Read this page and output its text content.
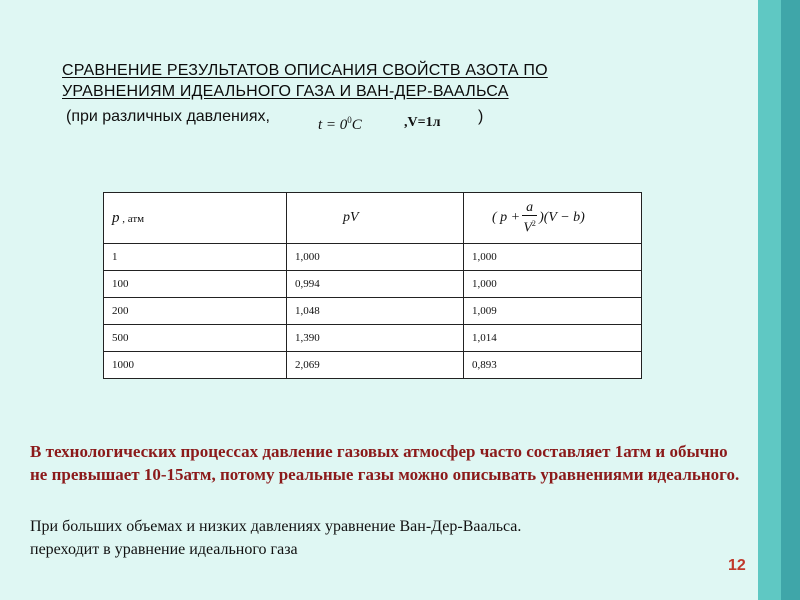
СРАВНЕНИЕ РЕЗУЛЬТАТОВ ОПИСАНИЯ СВОЙСТВ АЗОТА ПО
УРАВНЕНИЯМ ИДЕАЛЬНОГО ГАЗА И ВАН-ДЕР-ВААЛЬСА
(при различных давлениях,	$t = 0^0C$	,V=1л )
p , атм	pV	( $p + \frac{a}{V^2} )(V - b)$

1	1,000	1,000
100	0,994	1,000
200	1,048	1,009
500	1,390	1,014
1000	2,069	0,893
В технологических процессах давление газовых атмосфер часто составляет 1атм и обычно не превышает 10-15атм, потому реальные газы можно описывать уравнениями идеального.
При больших объемах и низких давлениях уравнение Ван-Дер-Ваальса.
переходит в уравнение идеального газа
12
